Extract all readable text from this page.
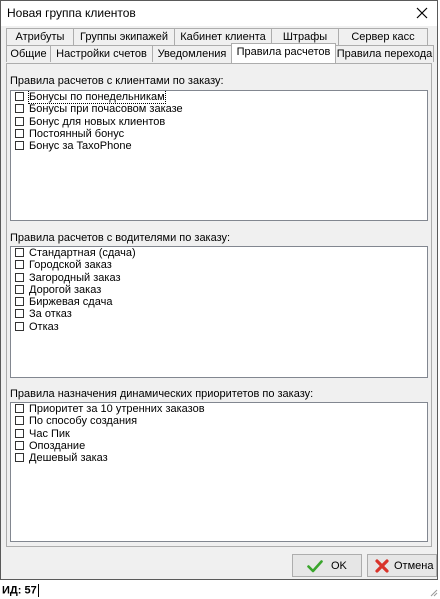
Новая группа клиентов
Атрибуты	Группы экипажей	Кабинет клиента	Штрафы	Сервер касс
Общие Настройки счетов Уведомления Правила расчетов Правила перехода
Правила расчетов с клиентами по заказу:
Бонусы по понедельникам
Бонусы при почасовом заказе
Бонус для новых клиентов
Постоянный бонус
Бонус за TaxoPhone
Правила расчетов с водителями по заказу:
Стандартная (сдача)
Городской заказ
Загородный заказ
Дорогой заказ
Биржевая сдача
За отказ
Отказ
Правила назначения динамических приоритетов по заказу:
Приоритет за 10 утренних заказов
По способу создания
Час Пик
Опоздание
Дешевый заказ
OK	Отмена
ИД: 57
